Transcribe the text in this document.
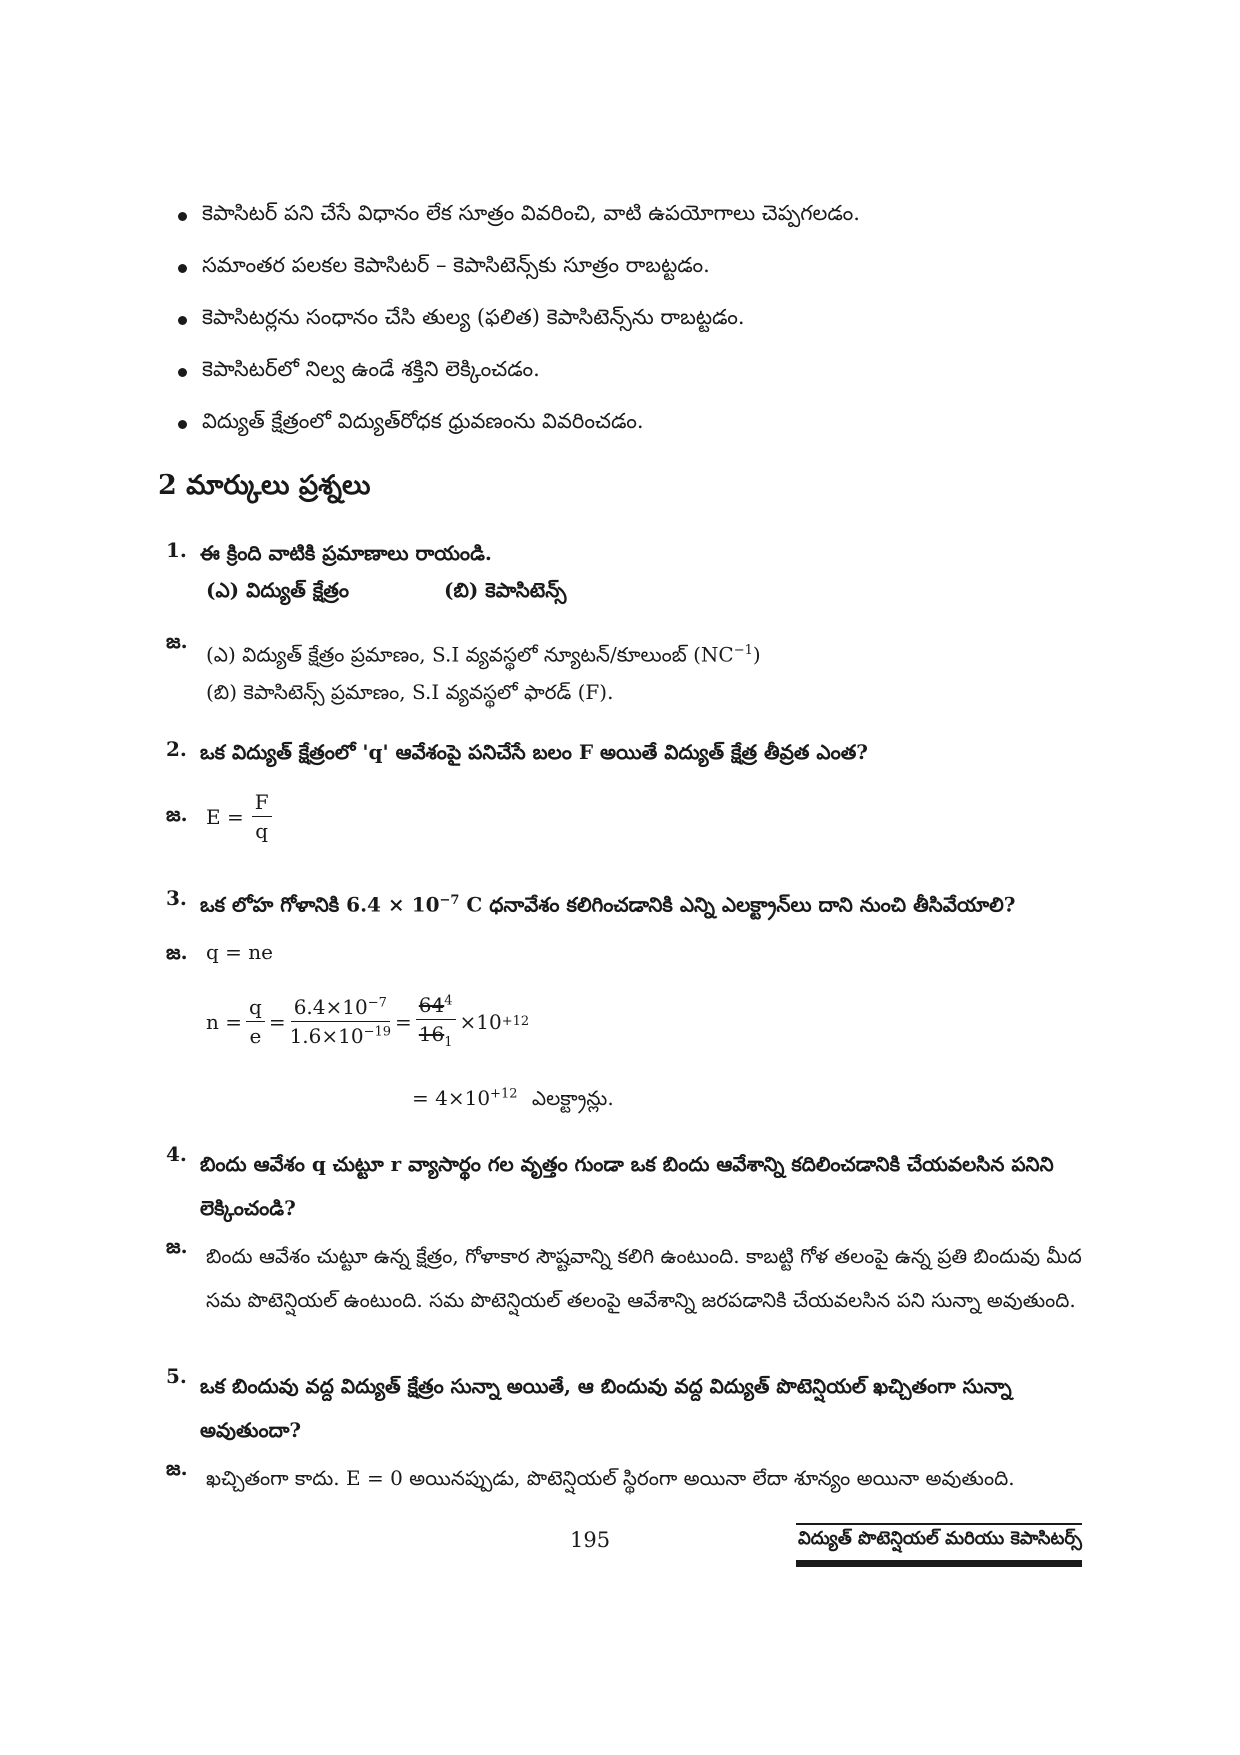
కెపాసిటర్ పని చేసే విధానం లేక సూత్రం వివరించి, వాటి ఉపయోగాలు చెప్పగలడం.
సమాంతర పలకల కెపాసిటర్ – కెపాసిటెన్స్‌కు సూత్రం రాబట్టడం.
కెపాసిటర్లను సంధానం చేసి తుల్య (ఫలిత) కెపాసిటెన్స్‌ను రాబట్టడం.
కెపాసిటర్‌లో నిల్వ ఉండే శక్తిని లెక్కించడం.
విద్యుత్ క్షేత్రంలో విద్యుత్‌రోధక ధ్రువణంను వివరించడం.
2 మార్కులు ప్రశ్నలు
1. ఈ క్రింది వాటికి ప్రమాణాలు రాయండి.
(ఎ) విద్యుత్ క్షేత్రం	(బి) కెపాసిటెన్స్
జ.
(ఎ) విద్యుత్ క్షేత్రం ప్రమాణం, S.I వ్యవస్థలో న్యూటన్/కూలుంబ్ $(NC^{-1})$
(బి) కెపాసిటెన్స్ ప్రమాణం, S.I వ్యవస్థలో ఫారడ్ (F).
2. ఒక విద్యుత్ క్షేత్రంలో 'q' ఆవేశంపై పనిచేసే బలం F అయితే విద్యుత్ క్షేత్ర తీవ్రత ఎంత?
జ. $E = \frac{F}{q}$
3. ఒక లోహ గోళానికి $6.4 \times 10^{-7}$ C ధనావేశం కలిగించడానికి ఎన్ని ఎలక్ట్రాన్‌లు దాని నుంచి తీసివేయాలి?
జ. q = ne
$n = \frac{q}{e} = \frac{6.4\times 10^{-7}}{1.6\times 10^{-19}} = \frac{64^4}{16_1} \times 10 +12$
= $4\times 10^{+12}$ ఎలక్ట్రాన్లు.
4. బిందు ఆవేశం q చుట్టూ r వ్యాసార్థం గల వృత్తం గుండా ఒక బిందు ఆవేశాన్ని కదిలించడానికి చేయవలసిన పనిని లెక్కించండి?
జ. బిందు ఆవేశం చుట్టూ ఉన్న క్షేత్రం, గోళాకార సౌష్టవాన్ని కలిగి ఉంటుంది. కాబట్టి గోళ తలంపై ఉన్న ప్రతి బిందువు మీద సమ పొటెన్షియల్ ఉంటుంది. సమ పొటెన్షియల్ తలంపై ఆవేశాన్ని జరపడానికి చేయవలసిన పని సున్నా అవుతుంది.
5. ఒక బిందువు వద్ద విద్యుత్ క్షేత్రం సున్నా అయితే, ఆ బిందువు వద్ద విద్యుత్ పొటెన్షియల్ ఖచ్చితంగా సున్నా అవుతుందా?
జ. ఖచ్చితంగా కాదు. E = 0 అయినప్పుడు, పొటెన్షియల్ స్థిరంగా అయినా లేదా శూన్యం అయినా అవుతుంది.
195	విద్యుత్ పొటెన్షియల్ మరియు కెపాసిటర్స్
